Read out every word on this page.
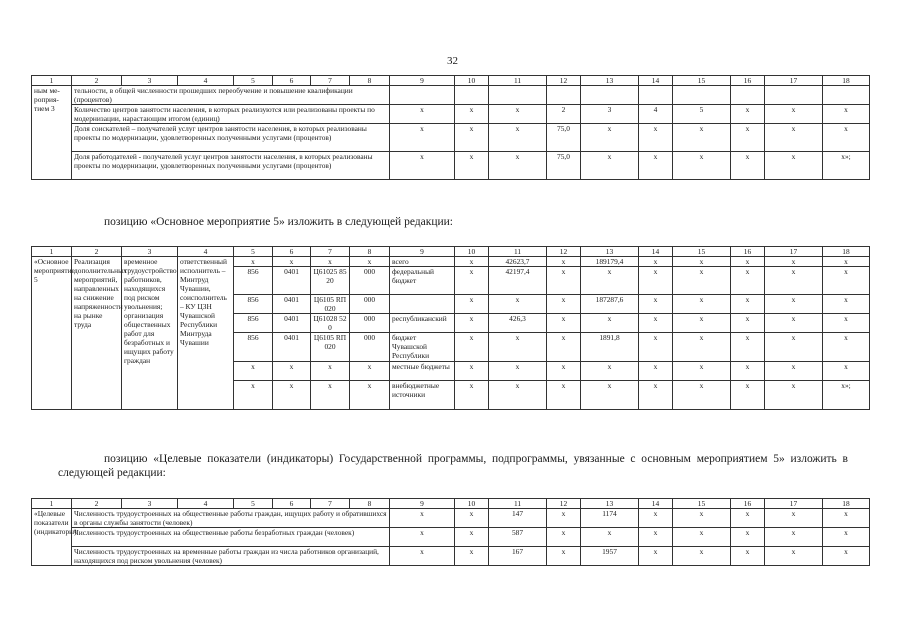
32
1	2	3	4	5	6	7	8	9	10	11	12	13	14	15	16	17	18
ным ме-роприя-тием 3	тельности, в общей численности прошедших переобучение и повышение квалификации (процентов)																
	Количество центров занятости населения, в которых реализуются или реализованы проекты по модернизации, нарастающим итогом (единиц)							x	x	x	2	3	4	5	x	x	x
	Доля соискателей – получателей услуг центров занятости населения, в которых реализованы проекты по модернизации, удовлетворенных полученными услугами (процентов)							x	x	x	75,0	x	x	x	x	x	x
	Доля работодателей - получателей услуг центров занятости населения, в которых реализованы проекты по модернизации, удовлетворенных полученными услугами (процентов)							x	x	x	75,0	x	x	x	x	x	x»;
позицию «Основное мероприятие 5» изложить в следующей редакции:
1	2	3	4	5	6	7	8	9	10	11	12	13	14	15	16	17	18
«Основное мероприятие 5	Реализация дополнительных мероприятий, направленных на снижение напряженности на рынке труда	временное трудоустройство работников, находящихся под риском увольнения; организация общественных работ для безработных и ищущих работу граждан	ответственный исполнитель – Минтруд Чувашии, соисполнитель – КУ ЦЗН Чувашской Республики Минтруда Чувашии	x	x	x	x	всего	x	42623,7	x	189179,4	x	x	x	x	x
				856	0401	Ц61025 8520	000	федеральный бюджет	x	42197,4	x	x	x	x	x	x	x
				856	0401	Ц6105 RП020	000		x	x	x	187287,6	x	x	x	x	x
				856	0401	Ц61028 520	000	республиканский	x	426,3	x	x	x	x	x	x	x
				856	0401	Ц6105 RП020	000	бюджет Чувашской Республики	x	x	x	1891,8	x	x	x	x	x
				x	x	x	x	местные бюджеты	x	x	x	x	x	x	x	x	x
				x	x	x	x	внебюджетные источники	x	x	x	x	x	x	x	x	x»;
позицию «Целевые показатели (индикаторы) Государственной программы, подпрограммы, увязанные с основным мероприятием 5» изложить в следующей редакции:
1	2	3	4	5	6	7	8	9	10	11	12	13	14	15	16	17	18
«Целевые показатели (индикаторы)	Численность трудоустроенных на общественные работы граждан, ищущих работу и обратившихся в органы службы занятости (человек)							x	x	147	x	1174	x	x	x	x	x
	Численность трудоустроенных на общественные работы безработных граждан (человек)							x	x	587	x	x	x	x	x	x	x
	Численность трудоустроенных на временные работы граждан из числа работников организаций, находящихся под риском увольнения (человек)							x	x	167	x	1957	x	x	x	x	x
